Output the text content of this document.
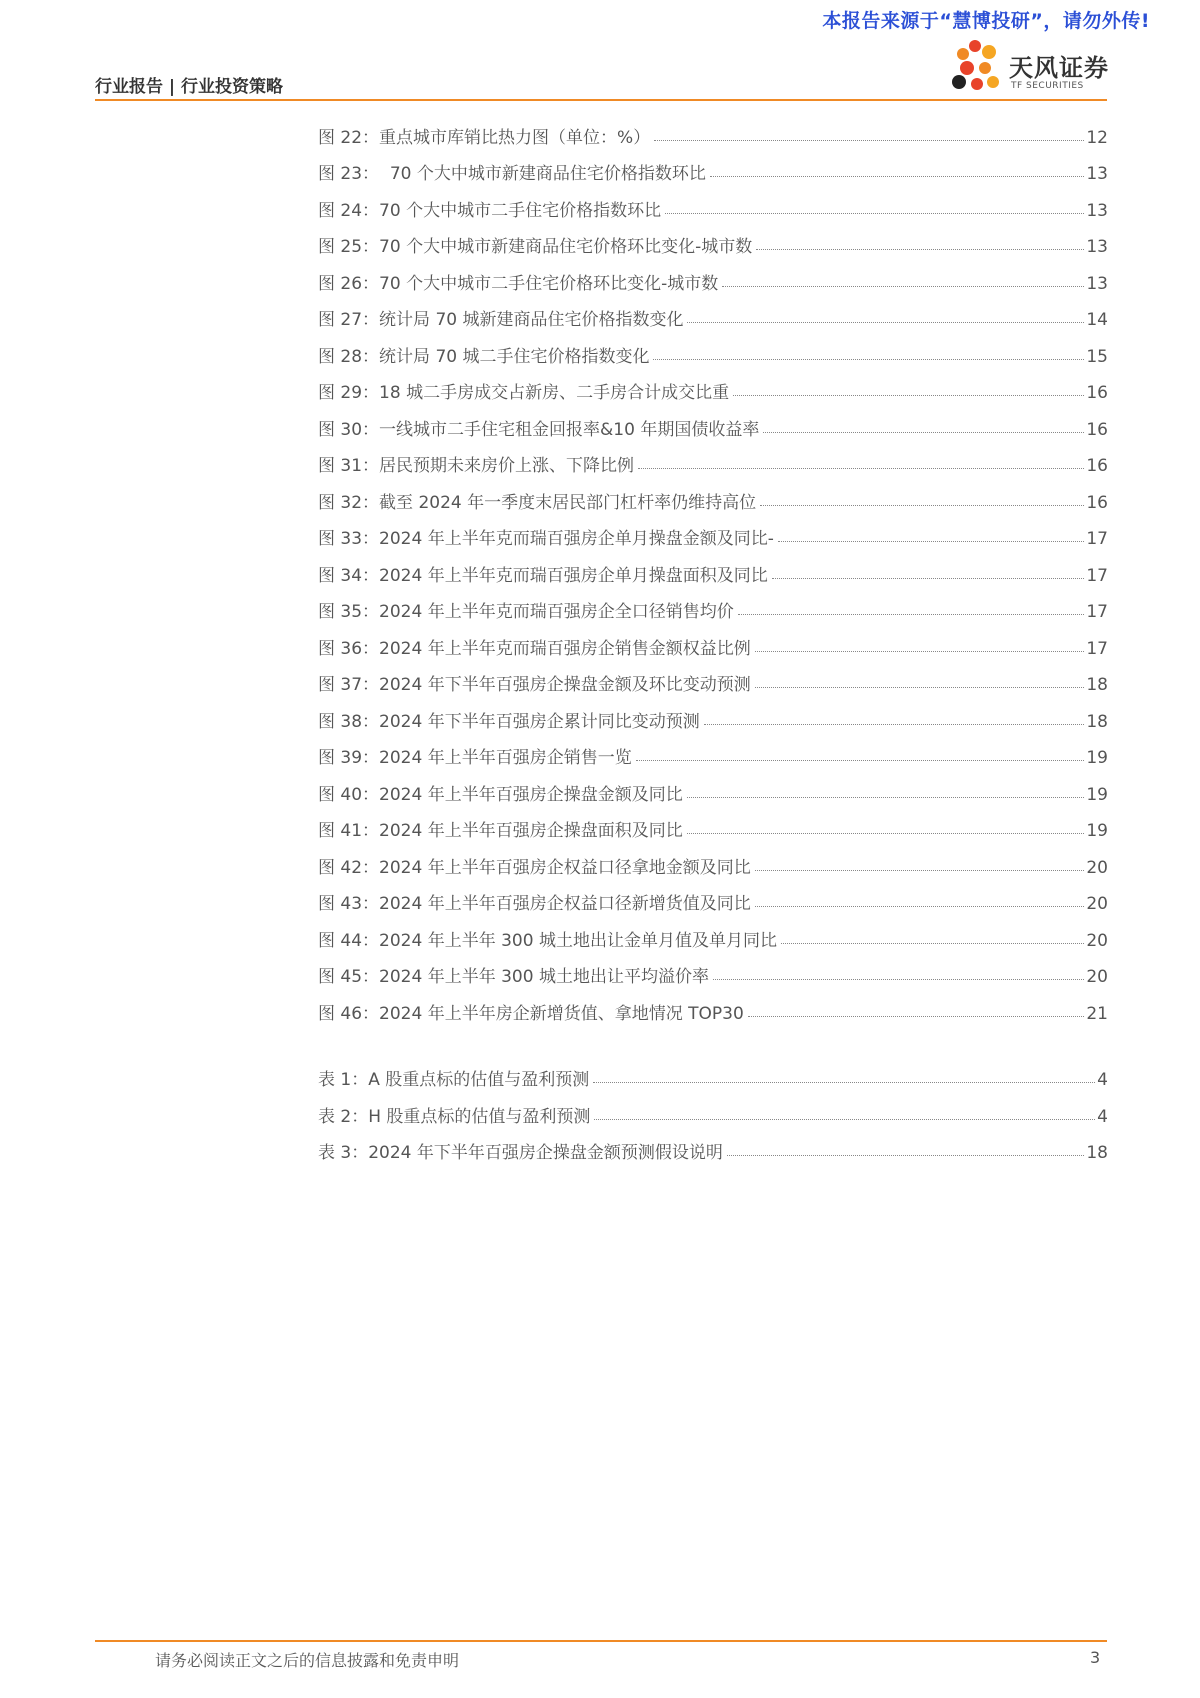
本报告来源于“慧博投研”，请勿外传!
行业报告 | 行业投资策略
天风证券
TF SECURITIES
图 22：重点城市库销比热力图（单位：%）	12
图 23：  70 个大中城市新建商品住宅价格指数环比	13
图 24：70 个大中城市二手住宅价格指数环比	13
图 25：70 个大中城市新建商品住宅价格环比变化-城市数	13
图 26：70 个大中城市二手住宅价格环比变化-城市数	13
图 27：统计局 70 城新建商品住宅价格指数变化	14
图 28：统计局 70 城二手住宅价格指数变化	15
图 29：18 城二手房成交占新房、二手房合计成交比重	16
图 30：一线城市二手住宅租金回报率&10 年期国债收益率	16
图 31：居民预期未来房价上涨、下降比例	16
图 32：截至 2024 年一季度末居民部门杠杆率仍维持高位	16
图 33：2024 年上半年克而瑞百强房企单月操盘金额及同比-	17
图 34：2024 年上半年克而瑞百强房企单月操盘面积及同比	17
图 35：2024 年上半年克而瑞百强房企全口径销售均价	17
图 36：2024 年上半年克而瑞百强房企销售金额权益比例	17
图 37：2024 年下半年百强房企操盘金额及环比变动预测	18
图 38：2024 年下半年百强房企累计同比变动预测	18
图 39：2024 年上半年百强房企销售一览	19
图 40：2024 年上半年百强房企操盘金额及同比	19
图 41：2024 年上半年百强房企操盘面积及同比	19
图 42：2024 年上半年百强房企权益口径拿地金额及同比	20
图 43：2024 年上半年百强房企权益口径新增货值及同比	20
图 44：2024 年上半年 300 城土地出让金单月值及单月同比	20
图 45：2024 年上半年 300 城土地出让平均溢价率	20
图 46：2024 年上半年房企新增货值、拿地情况 TOP30	21
表 1：A 股重点标的估值与盈利预测	4
表 2：H 股重点标的估值与盈利预测	4
表 3：2024 年下半年百强房企操盘金额预测假设说明	18
请务必阅读正文之后的信息披露和免责申明	3
